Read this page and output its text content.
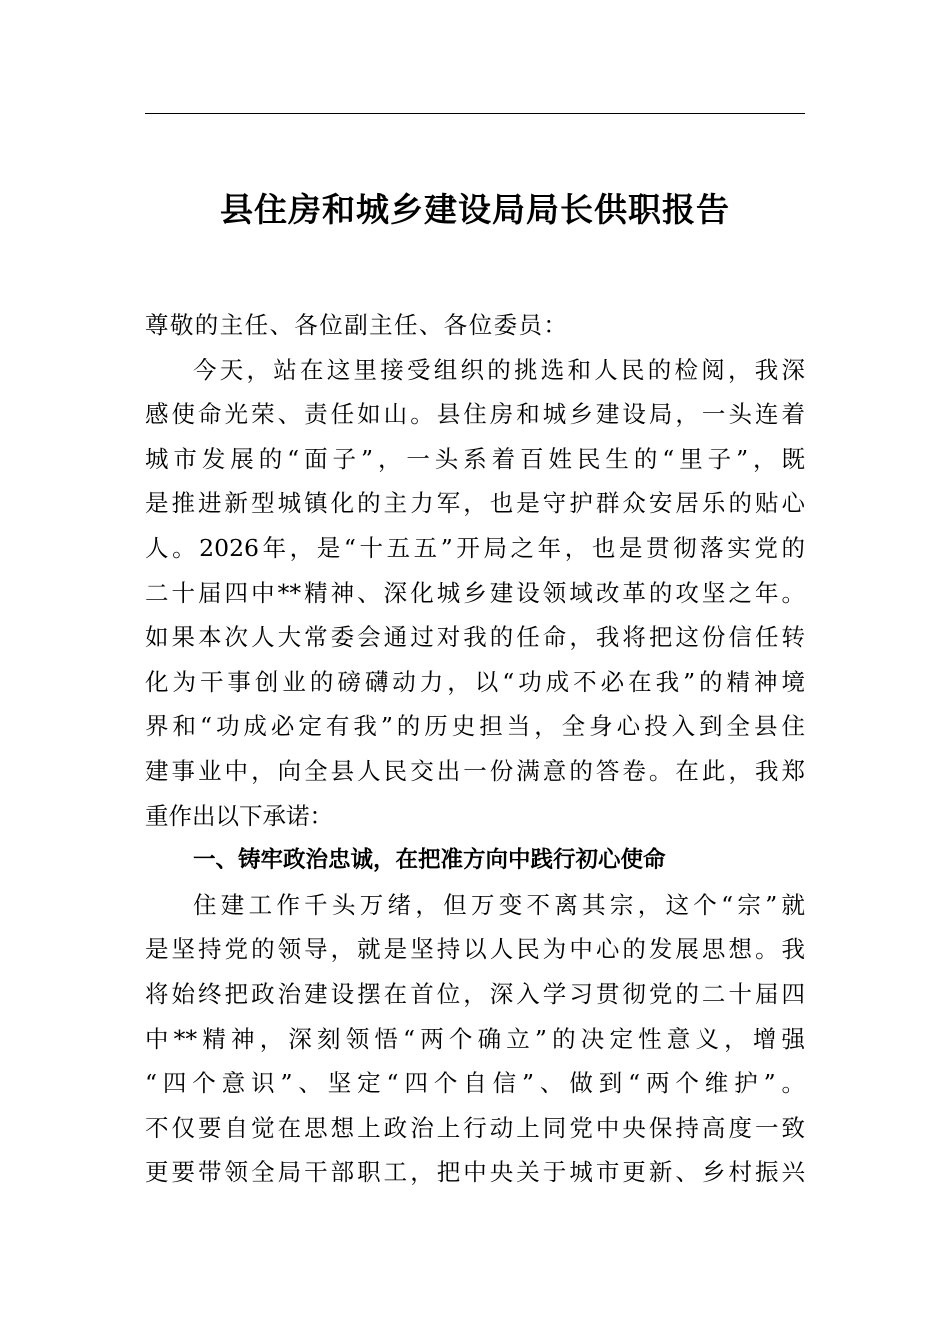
县住房和城乡建设局局长供职报告
尊敬的主任、各位副主任、各位委员：
今天，站在这里接受组织的挑选和人民的检阅，我深
感使命光荣、责任如山。县住房和城乡建设局，一头连着
城市发展的“面子”，一头系着百姓民生的“里子”，既
是推进新型城镇化的主力军，也是守护群众安居乐的贴心
人。2026年，是“十五五”开局之年，也是贯彻落实党的
二十届四中**精神、深化城乡建设领域改革的攻坚之年。
如果本次人大常委会通过对我的任命，我将把这份信任转
化为干事创业的磅礴动力，以“功成不必在我”的精神境
界和“功成必定有我”的历史担当，全身心投入到全县住
建事业中，向全县人民交出一份满意的答卷。在此，我郑
重作出以下承诺：
一、铸牢政治忠诚，在把准方向中践行初心使命
住建工作千头万绪，但万变不离其宗，这个“宗”就
是坚持党的领导，就是坚持以人民为中心的发展思想。我
将始终把政治建设摆在首位，深入学习贯彻党的二十届四
中**精神，深刻领悟“两个确立”的决定性意义，增强
“四个意识”、坚定“四个自信”、做到“两个维护”。
不仅要自觉在思想上政治上行动上同党中央保持高度一致
更要带领全局干部职工，把中央关于城市更新、乡村振兴
